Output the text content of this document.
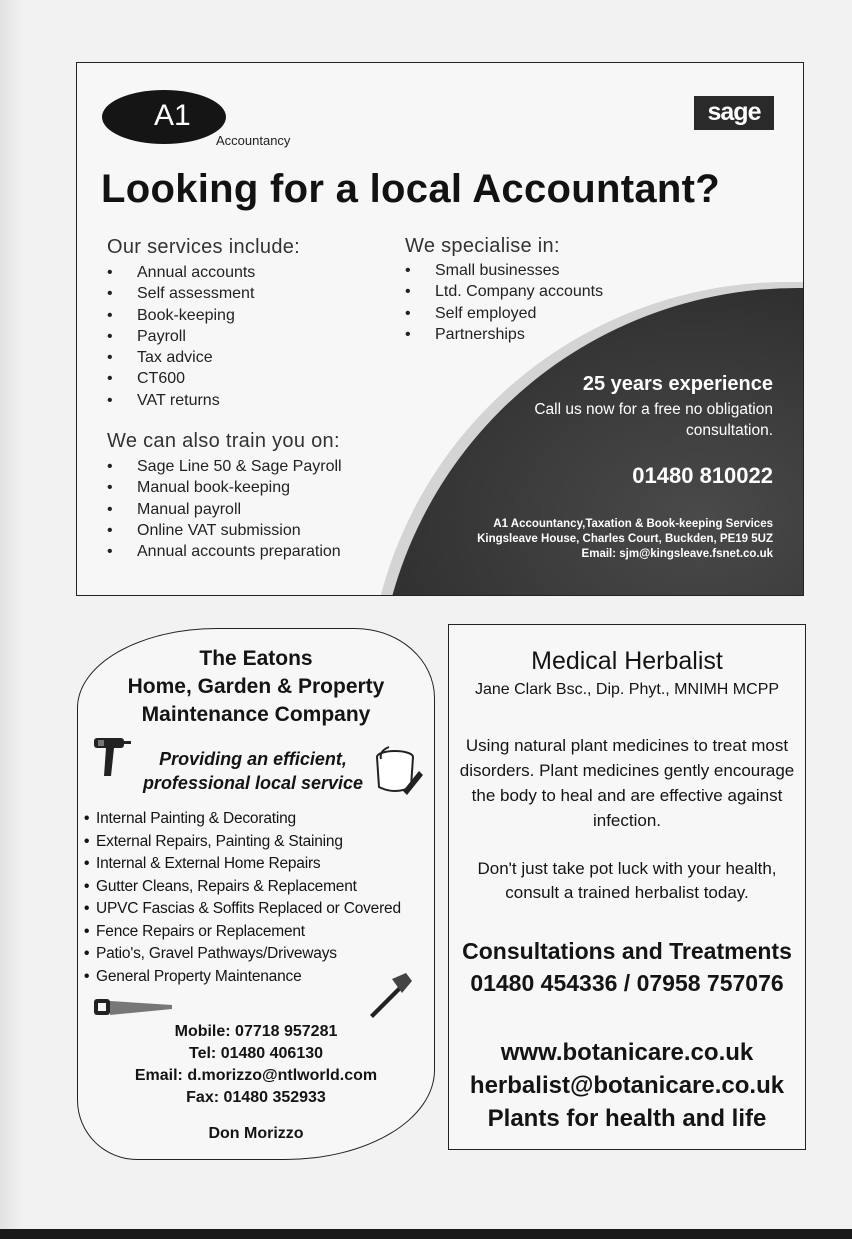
A1
Accountancy
sage
Looking for a local Accountant?
Our services include:
• Annual accounts
• Self assessment
• Book-keeping
• Payroll
• Tax advice
• CT600
• VAT returns
We specialise in:
• Small businesses
• Ltd. Company accounts
• Self employed
• Partnerships
We can also train you on:
• Sage Line 50 & Sage Payroll
• Manual book-keeping
• Manual payroll
• Online VAT submission
• Annual accounts preparation
25 years experience
Call us now for a free no obligation consultation.
01480 810022
A1 Accountancy,Taxation & Book-keeping Services
Kingsleave House, Charles Court, Buckden, PE19 5UZ
Email: sjm@kingsleave.fsnet.co.uk
The Eatons
Home, Garden & Property
Maintenance Company
Providing an efficient,
professional local service
• Internal Painting & Decorating
• External Repairs, Painting & Staining
• Internal & External Home Repairs
• Gutter Cleans, Repairs & Replacement
• UPVC Fascias & Soffits Replaced or Covered
• Fence Repairs or Replacement
• Patio's, Gravel Pathways/Driveways
• General Property Maintenance
Mobile: 07718 957281
Tel: 01480 406130
Email: d.morizzo@ntlworld.com
Fax: 01480 352933
Don Morizzo
Medical Herbalist
Jane Clark Bsc., Dip. Phyt., MNIMH MCPP
Using natural plant medicines to treat most disorders. Plant medicines gently encourage the body to heal and are effective against infection.
Don't just take pot luck with your health, consult a trained herbalist today.
Consultations and Treatments
01480 454336 / 07958 757076
www.botanicare.co.uk
herbalist@botanicare.co.uk
Plants for health and life
